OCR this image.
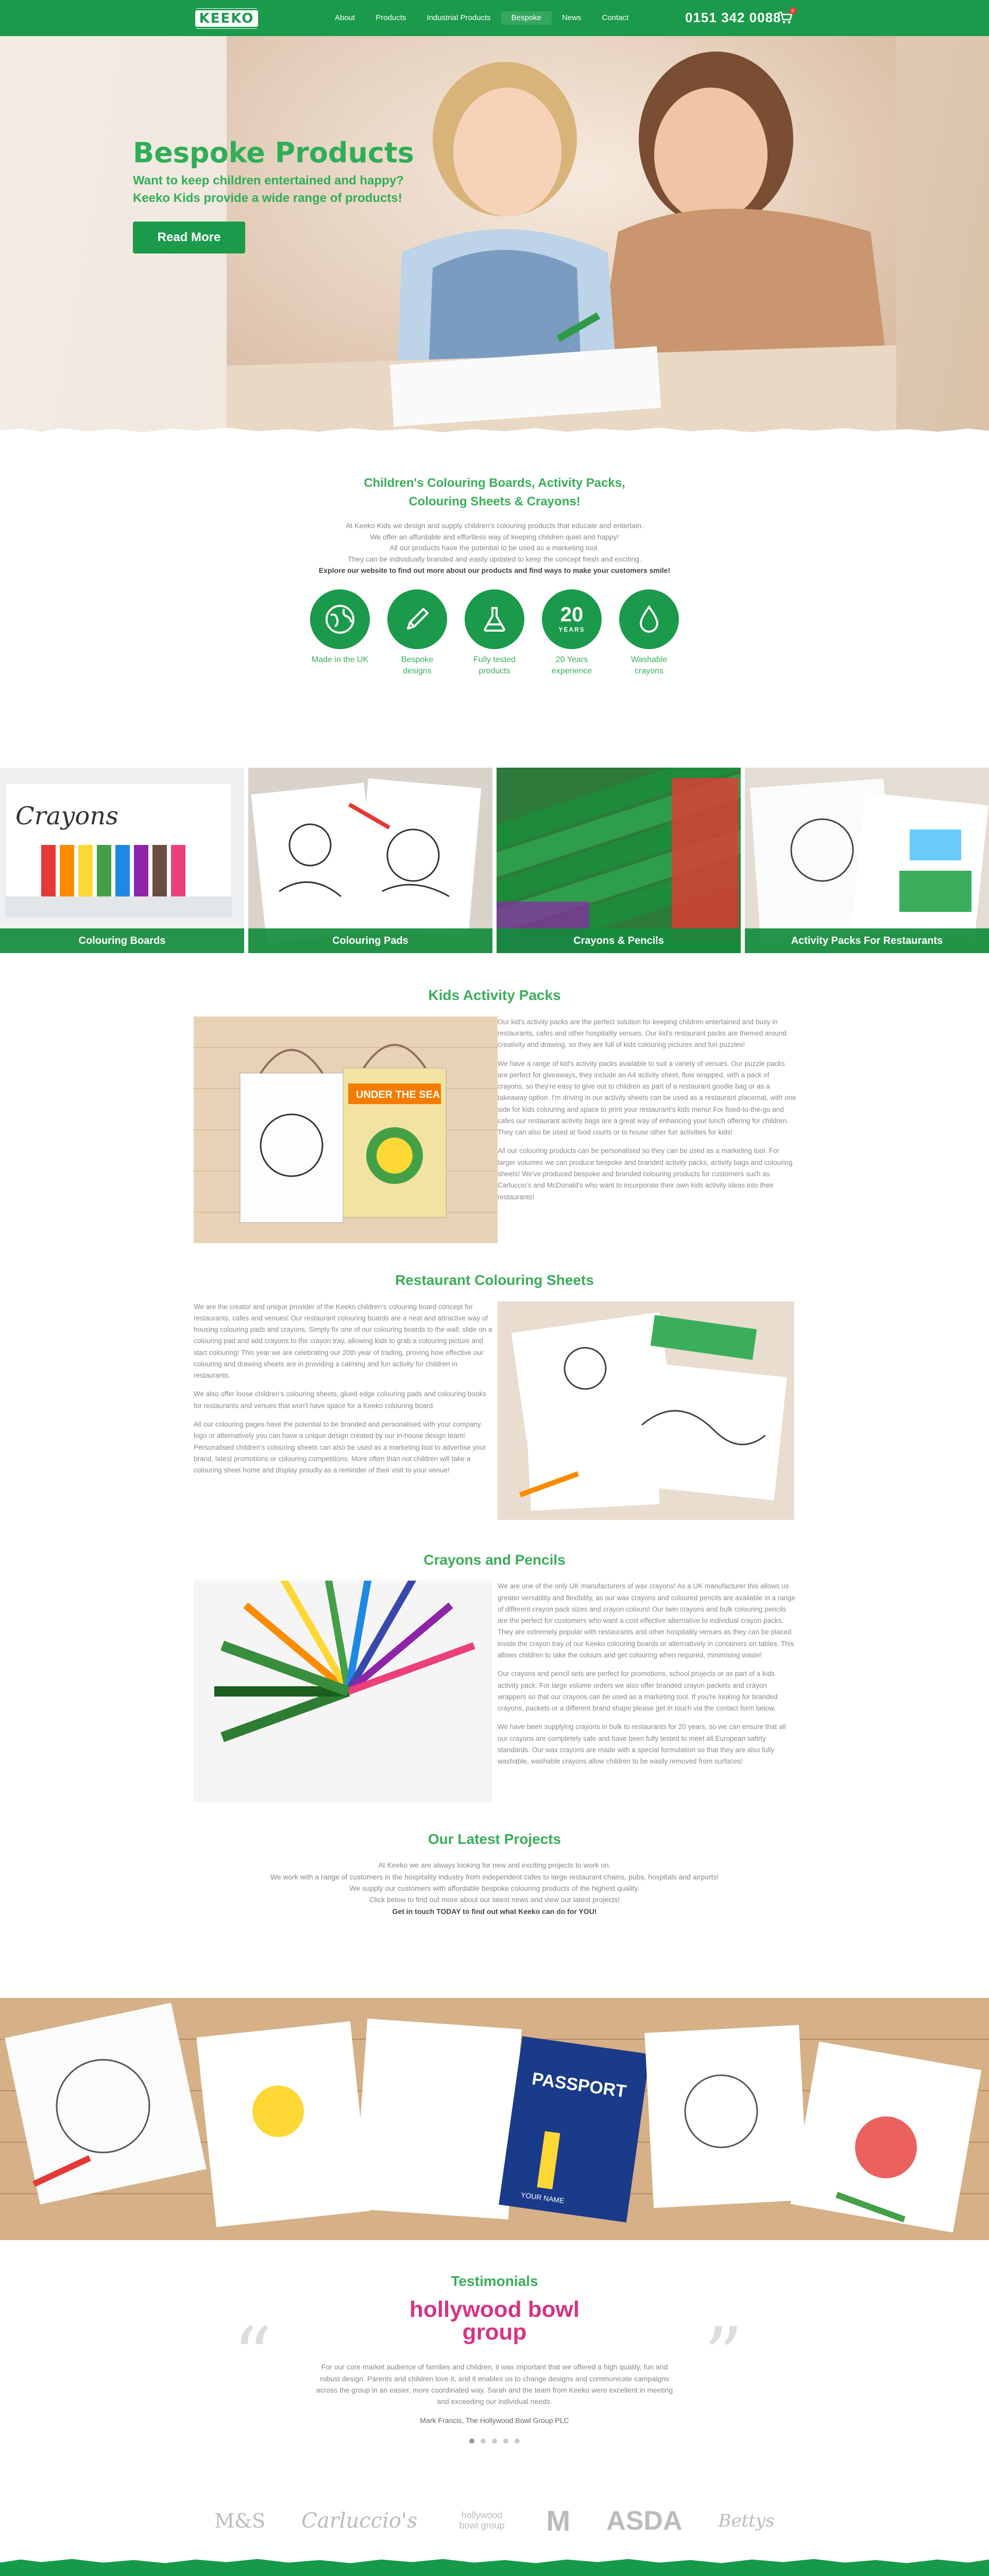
KEEKO	About	Products	Industrial Products	Bespoke	News	Contact	0151 342 0088	0
Bespoke Products

Want to keep children entertained and happy? Keeko Kids provide a wide range of products!

Read More
Children's Colouring Boards, Activity Packs,
Colouring Sheets & Crayons!

At Keeko Kids we design and supply children's colouring products that educate and entertain.

We offer an affordable and effortless way of keeping children quiet and happy!

All our products have the potential to be used as a marketing tool.

They can be individually branded and easily updated to keep the concept fresh and exciting.

Explore our website to find out more about our products and find ways to make your customers smile!

Made in the UK	Bespoke designs
Fully tested products
20
YEARS
20 Years experience
Washable crayons
Crayons
Colouring Boards	Colouring Pads	Crayons & Pencils	Activity Packs For Restaurants
Kids Activity Packs
UNDER THE SEA

Our kid's activity packs are the perfect solution for keeping children entertained and busy in restaurants, cafes and other hospitality venues. Our kid's restaurant packs are themed around creativity and drawing, so they are full of kids colouring pictures and fun puzzles!

We have a range of kid's activity packs available to suit a variety of venues. Our puzzle packs are perfect for giveaways, they include an A4 activity sheet, flow wrapped, with a pack of crayons, so they're easy to give out to children as part of a restaurant goodie bag or as a takeaway option. I'm driving in our activity sheets can be used as a restaurant placemat, with one side for kids colouring and space to print your restaurant's kids menu! For fixed-to-the-go and cafes our restaurant activity bags are a great way of enhancing your lunch offering for children. They can also be used at food courts or to house other fun activities for kids!

All our colouring products can be personalised so they can be used as a marketing tool. For larger volumes we can produce bespoke and branded activity packs, activity bags and colouring sheets! We've produced bespoke and branded colouring products for customers such as Carluccio's and McDonald's who want to incorporate their own kids activity ideas into their restaurants!

Restaurant Colouring Sheets

We are the creator and unique provider of the Keeko children's colouring board concept for restaurants, cafes and venues! Our restaurant colouring boards are a neat and attractive way of housing colouring pads and crayons. Simply fix one of our colouring boards to the wall; slide on a colouring pad and add crayons to the crayon tray, allowing kids to grab a colouring picture and start colouring! This year we are celebrating our 20th year of trading, proving how effective our colouring and drawing sheets are in providing a calming and fun activity for children in restaurants.

We also offer loose children's colouring sheets, glued edge colouring pads and colouring books for restaurants and venues that won't have space for a Keeko colouring board.

All our colouring pages have the potential to be branded and personalised with your company logo or alternatively you can have a unique design created by our in-house design team! Personalised children's colouring sheets can also be used as a marketing tool to advertise your brand, latest promotions or colouring competitions. More often than not children will take a colouring sheet home and display proudly as a reminder of their visit to your venue!

Crayons and Pencils

We are one of the only UK manufacturers of wax crayons! As a UK manufacturer this allows us greater versatility and flexibility, as our wax crayons and coloured pencils are available in a range of different crayon pack sizes and crayon colours! Our twin crayons and bulk colouring pencils are the perfect for customers who want a cost effective alternative to individual crayon packs. They are extremely popular with restaurants and other hospitality venues as they can be placed inside the crayon tray of our Keeko colouring boards or alternatively in containers on tables. This allows children to take the colours and get colouring when required, minimising waste!

Our crayons and pencil sets are perfect for promotions, school projects or as part of a kids activity pack. For large volume orders we also offer branded crayon packets and crayon wrappers so that our crayons can be used as a marketing tool. If you're looking for branded crayons, packets or a different brand shape please get in touch via the contact form below.

We have been supplying crayons in bulk to restaurants for 20 years, so we can ensure that all our crayons are completely safe and have been fully tested to meet all European safety standards. Our wax crayons are made with a special formulation so that they are also fully washable, washable crayons allow children to be easily removed from surfaces!

Our Latest Projects

At Keeko we are always looking for new and exciting projects to work on.

We work with a range of customers in the hospitality industry from independent cafes to large restaurant chains, pubs, hospitals and airports!

We supply our customers with affordable bespoke colouring products of the highest quality.

Click below to find out more about our latest news and view our latest projects!

Get in touch TODAY to find out what Keeko can do for YOU!

PASSPORT
YOUR NAME
Testimonials
hollywood bowl
group
“	”

For our core market audience of families and children, it was important that we offered a high quality, fun and robust design. Parents and children love it, and it enables us to change designs and communicate campaigns across the group in an easier, more coordinated way. Sarah and the team from Keeko were excellent in meeting and exceeding our individual needs.

Mark Francis, The Hollywood Bowl Group PLC

M&S Carluccio's	hollywood bowl group M ASDA Bettys
